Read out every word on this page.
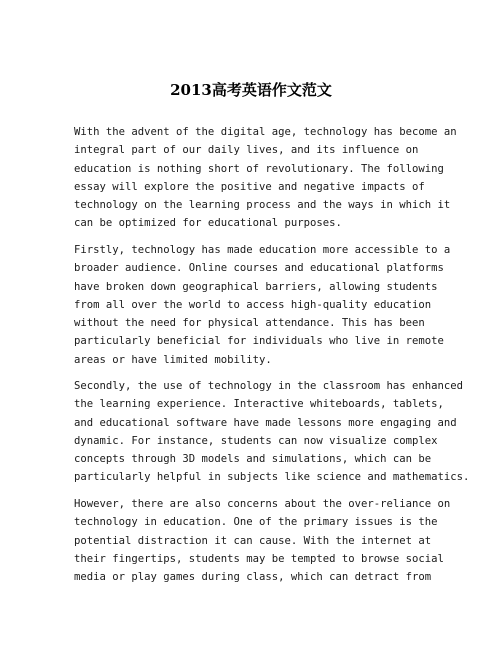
2013高考英语作文范文
With the advent of the digital age, technology has become an
integral part of our daily lives, and its influence on
education is nothing short of revolutionary. The following
essay will explore the positive and negative impacts of
technology on the learning process and the ways in which it
can be optimized for educational purposes.
Firstly, technology has made education more accessible to a
broader audience. Online courses and educational platforms
have broken down geographical barriers, allowing students
from all over the world to access high-quality education
without the need for physical attendance. This has been
particularly beneficial for individuals who live in remote
areas or have limited mobility.
Secondly, the use of technology in the classroom has enhanced
the learning experience. Interactive whiteboards, tablets,
and educational software have made lessons more engaging and
dynamic. For instance, students can now visualize complex
concepts through 3D models and simulations, which can be
particularly helpful in subjects like science and mathematics.
However, there are also concerns about the over-reliance on
technology in education. One of the primary issues is the
potential distraction it can cause. With the internet at
their fingertips, students may be tempted to browse social
media or play games during class, which can detract from
